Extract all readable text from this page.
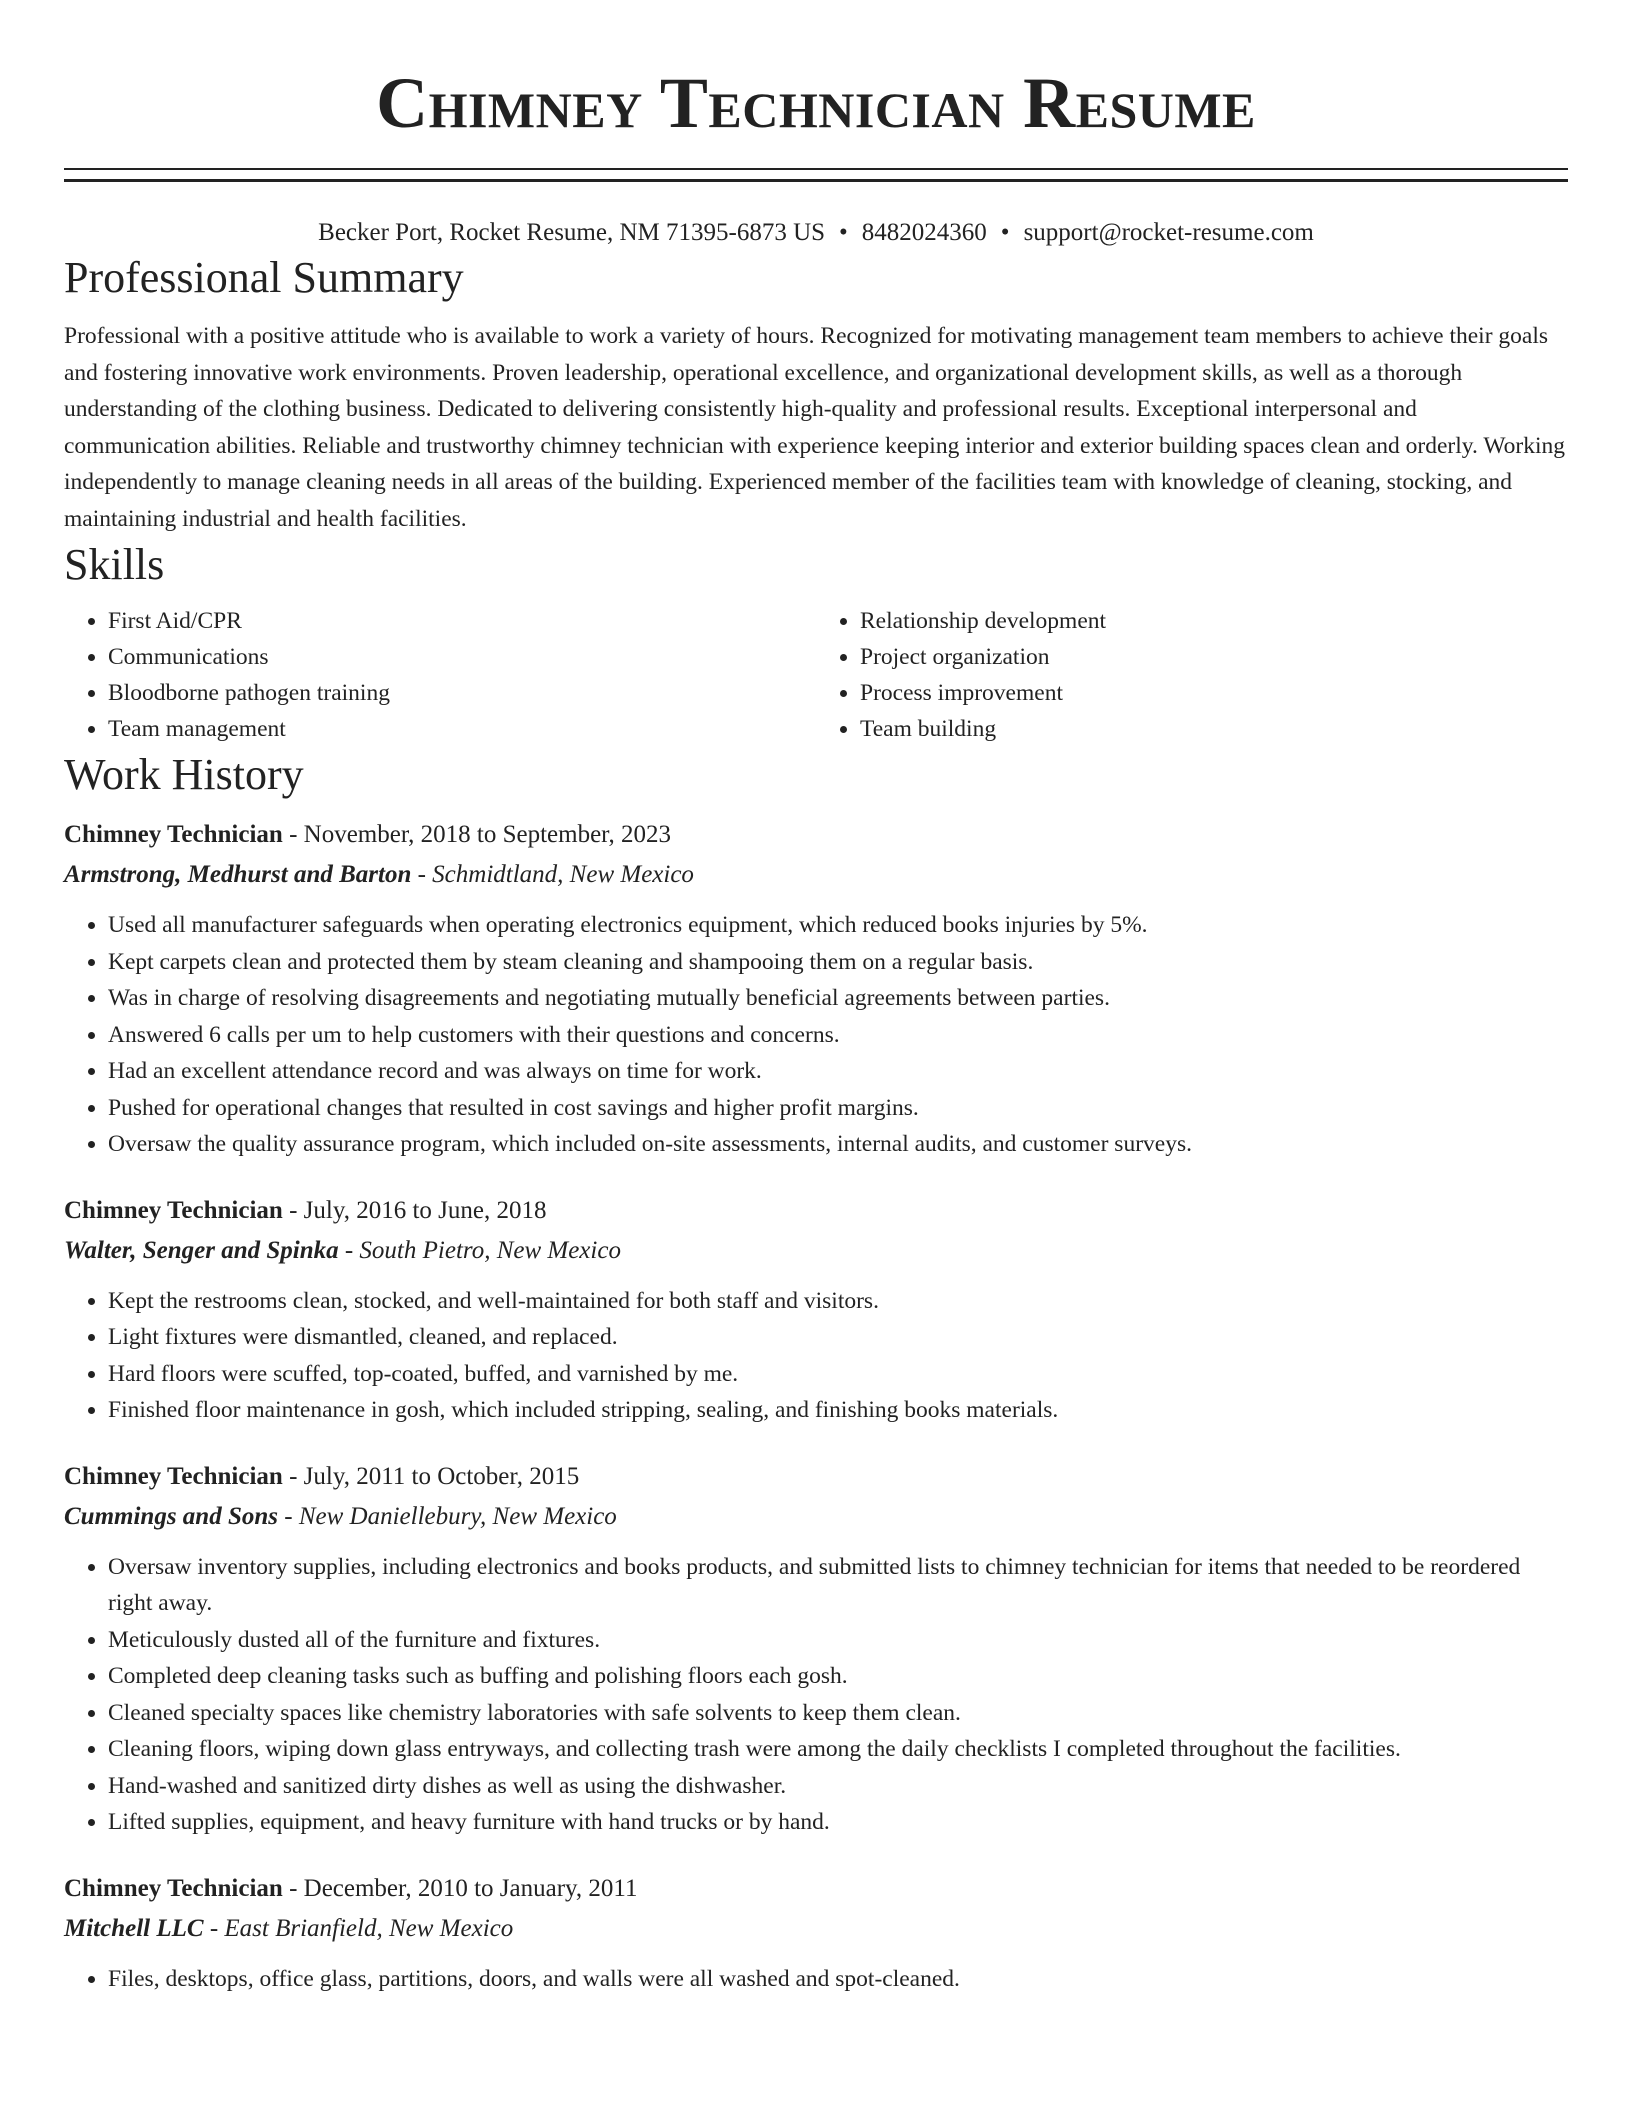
Chimney Technician Resume
Becker Port, Rocket Resume, NM 71395-6873 US • 8482024360 • support@rocket-resume.com
Professional Summary

Professional with a positive attitude who is available to work a variety of hours. Recognized for motivating management team members to achieve their goals and fostering innovative work environments. Proven leadership, operational excellence, and organizational development skills, as well as a thorough understanding of the clothing business. Dedicated to delivering consistently high-quality and professional results. Exceptional interpersonal and communication abilities. Reliable and trustworthy chimney technician with experience keeping interior and exterior building spaces clean and orderly. Working independently to manage cleaning needs in all areas of the building. Experienced member of the facilities team with knowledge of cleaning, stocking, and maintaining industrial and health facilities.

Skills
• First Aid/CPR
• Communications
• Bloodborne pathogen training
• Team management
• Relationship development
• Project organization
• Process improvement
• Team building
Work History
Chimney Technician - November, 2018 to September, 2023
Armstrong, Medhurst and Barton - Schmidtland, New Mexico
• Used all manufacturer safeguards when operating electronics equipment, which reduced books injuries by 5%.
• Kept carpets clean and protected them by steam cleaning and shampooing them on a regular basis.
• Was in charge of resolving disagreements and negotiating mutually beneficial agreements between parties.
• Answered 6 calls per um to help customers with their questions and concerns.
• Had an excellent attendance record and was always on time for work.
• Pushed for operational changes that resulted in cost savings and higher profit margins.
• Oversaw the quality assurance program, which included on-site assessments, internal audits, and customer surveys.
Chimney Technician - July, 2016 to June, 2018
Walter, Senger and Spinka - South Pietro, New Mexico
• Kept the restrooms clean, stocked, and well-maintained for both staff and visitors.
• Light fixtures were dismantled, cleaned, and replaced.
• Hard floors were scuffed, top-coated, buffed, and varnished by me.
• Finished floor maintenance in gosh, which included stripping, sealing, and finishing books materials.
Chimney Technician - July, 2011 to October, 2015
Cummings and Sons - New Daniellebury, New Mexico
• Oversaw inventory supplies, including electronics and books products, and submitted lists to chimney technician for items that needed to be reordered right away.
• Meticulously dusted all of the furniture and fixtures.
• Completed deep cleaning tasks such as buffing and polishing floors each gosh.
• Cleaned specialty spaces like chemistry laboratories with safe solvents to keep them clean.
• Cleaning floors, wiping down glass entryways, and collecting trash were among the daily checklists I completed throughout the facilities.
• Hand-washed and sanitized dirty dishes as well as using the dishwasher.
• Lifted supplies, equipment, and heavy furniture with hand trucks or by hand.
Chimney Technician - December, 2010 to January, 2011
Mitchell LLC - East Brianfield, New Mexico
• Files, desktops, office glass, partitions, doors, and walls were all washed and spot-cleaned.
